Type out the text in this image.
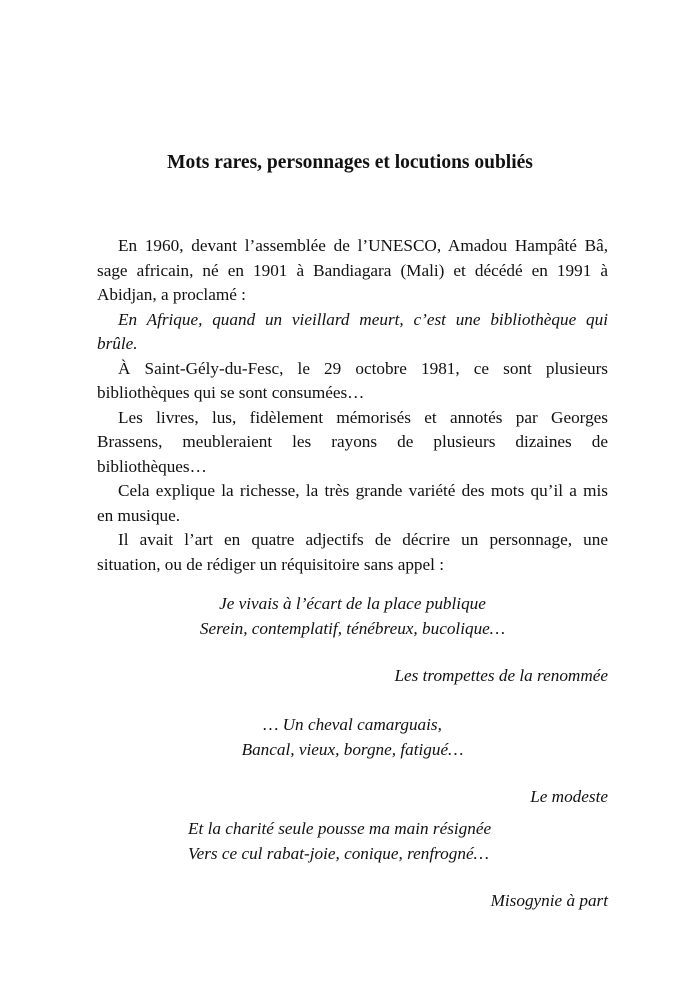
Mots rares, personnages et locutions oubliés
En 1960, devant l’assemblée de l’UNESCO, Amadou Hampâté Bâ,
sage africain, né en 1901 à Bandiagara (Mali) et décédé en 1991 à
Abidjan, a proclamé :
En Afrique, quand un vieillard meurt, c’est une bibliothèque qui
brûle.
À Saint-Gély-du-Fesc, le 29 octobre 1981, ce sont plusieurs
bibliothèques qui se sont consumées…
Les livres, lus, fidèlement mémorisés et annotés par Georges
Brassens, meubleraient les rayons de plusieurs dizaines de
bibliothèques…
Cela explique la richesse, la très grande variété des mots qu’il a mis
en musique.
Il avait l’art en quatre adjectifs de décrire un personnage, une
situation, ou de rédiger un réquisitoire sans appel :
Je vivais à l’écart de la place publique
Serein, contemplatif, ténébreux, bucolique…
Les trompettes de la renommée
… Un cheval camarguais,
Bancal, vieux, borgne, fatigué…
Le modeste
Et la charité seule pousse ma main résignée
Vers ce cul rabat-joie, conique, renfrogné…
Misogynie à part
